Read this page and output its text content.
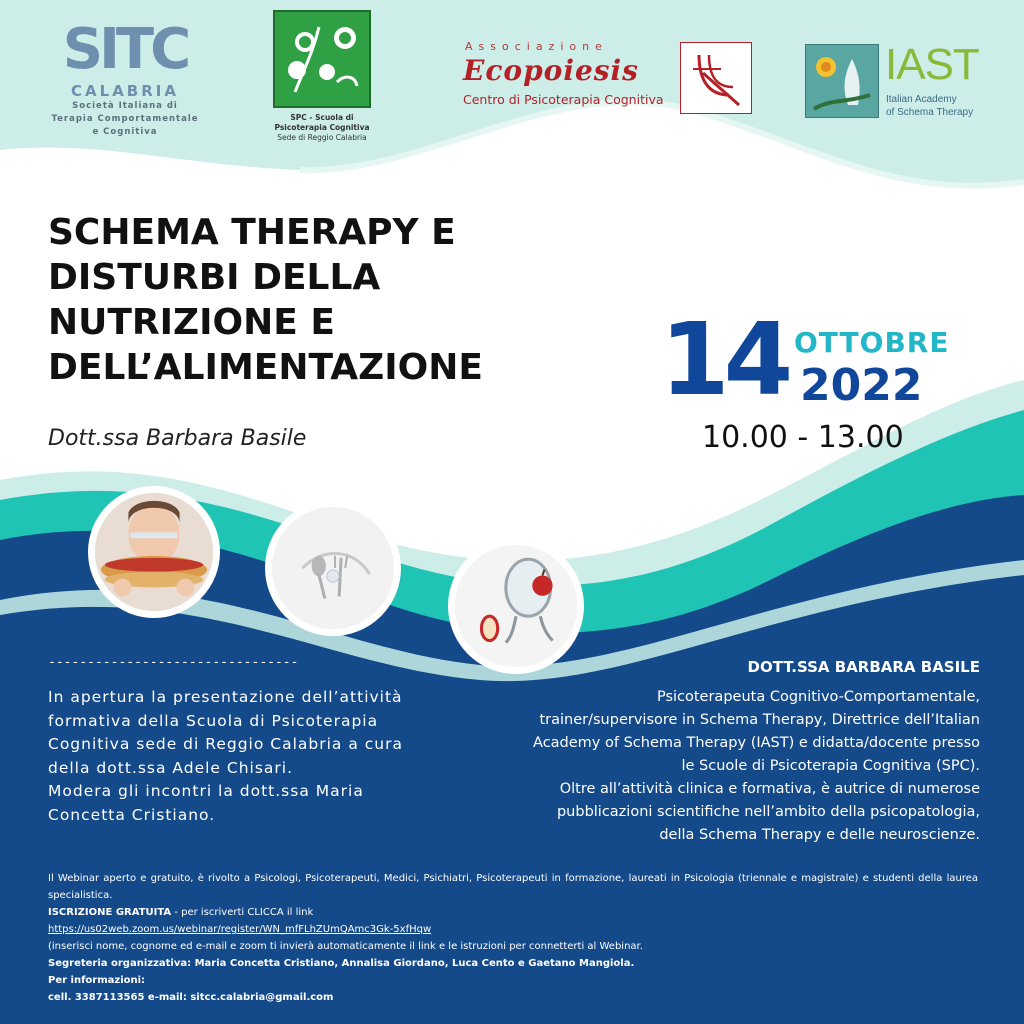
SITC
CALABRIA
Società Italiana di
Terapia Comportamentale
e Cognitiva
SPC - Scuola di
Psicoterapia Cognitiva
Sede di Reggio Calabria
Associazione
Ecopoiesis
Centro di Psicoterapia Cognitiva
IAST
Italian Academy
of Schema Therapy
SCHEMA THERAPY E
DISTURBI DELLA
NUTRIZIONE E
DELL’ALIMENTAZIONE
Dott.ssa Barbara Basile
14 OTTOBRE
2022
10.00 - 13.00
--------------------------------

In apertura la presentazione dell’attività
formativa della Scuola di Psicoterapia
Cognitiva sede di Reggio Calabria a cura
della dott.ssa Adele Chisari.
Modera gli incontri la dott.ssa Maria
Concetta Cristiano.

DOTT.SSA BARBARA BASILE

Psicoterapeuta Cognitivo-Comportamentale,
trainer/supervisore in Schema Therapy, Direttrice dell’Italian
Academy of Schema Therapy (IAST) e didatta/docente presso
le Scuole di Psicoterapia Cognitiva (SPC).
Oltre all’attività clinica e formativa, è autrice di numerose
pubblicazioni scientifiche nell’ambito della psicopatologia,
della Schema Therapy e delle neuroscienze.

Il Webinar aperto e gratuito, è rivolto a Psicologi, Psicoterapeuti, Medici, Psichiatri, Psicoterapeuti in formazione, laureati in Psicologia (triennale e magistrale) e studenti della laurea specialistica.
ISCRIZIONE GRATUITA - per iscriverti CLICCA il link
https://us02web.zoom.us/webinar/register/WN_mfFLhZUmQAmc3Gk-5xfHqw
(inserisci nome, cognome ed e-mail e zoom ti invierà automaticamente il link e le istruzioni per connetterti al Webinar.
Segreteria organizzativa: Maria Concetta Cristiano, Annalisa Giordano, Luca Cento e Gaetano Mangiola.
Per informazioni:
cell. 3387113565 e-mail: sitcc.calabria@gmail.com
